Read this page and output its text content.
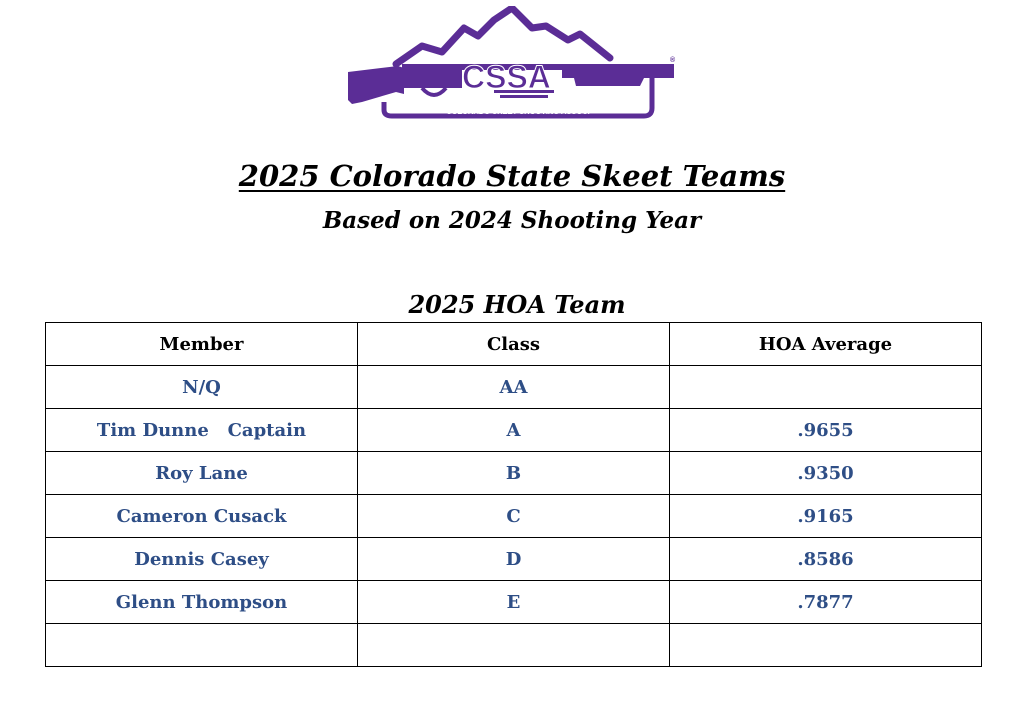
CSSA
COLORADO SKEET SHOOTING ASSOC.
®
2025 Colorado State Skeet Teams
Based on 2024 Shooting Year
2025 HOA Team
Member	Class	HOA Average
N/Q	AA	
Tim Dunne   Captain	A	.9655
Roy Lane	B	.9350
Cameron Cusack	C	.9165
Dennis Casey	D	.8586
Glenn Thompson	E	.7877
